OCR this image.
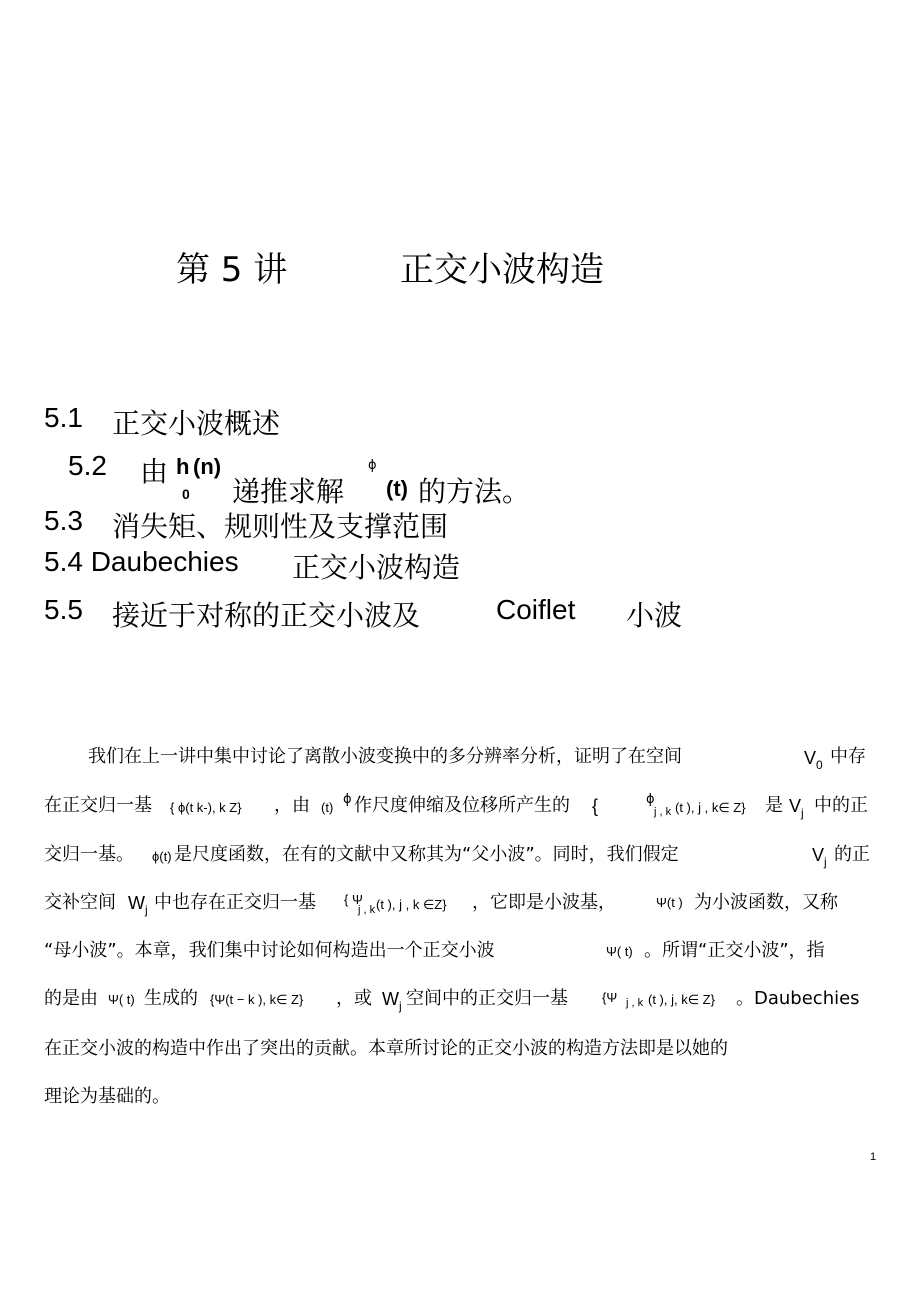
第 5 讲	正交小波构造
5.1 正交小波概述
5.2 由 h (n)
0 递推求解
ϕ
(t) 的方法。
5.3 消失矩、规则性及支撑范围
5.4 Daubechies 正交小波构造
5.5 接近于对称的正交小波及	Coiflet 小波
我们在上一讲中集中讨论了离散小波变换中的多分辨率分析，证明了在空间	$V_0$ 中存
在正交归一基 { ϕ(t k-), k Z} ，由 (t)
ϕ 作尺度伸缩及位移所产生的 {	ϕ
j , k (t ), j , k∈ Z} 是 $V_j$ 中的正
交归一基。 ϕ(t) 是尺度函数，在有的文献中又称其为“父小波”。同时，我们假定	$V_j$ 的正
交补空间 $W_j$ 中也存在正交归一基 { Ψ
j , k (t ), j , k ∈Z} ，它即是小波基，	Ψ(t ) 为小波函数，又称
“母小波”。本章，我们集中讨论如何构造出一个正交小波	Ψ( t) 。所谓“正交小波”，指
的是由 Ψ( t) 生成的 {Ψ(t − k ), k∈ Z} ，或 $W_j$ 空间中的正交归一基	{Ψ j , k (t ), j, k∈ Z} 。Daubechies
在正交小波的构造中作出了突出的贡献。本章所讨论的正交小波的构造方法即是以她的
理论为基础的。
1
